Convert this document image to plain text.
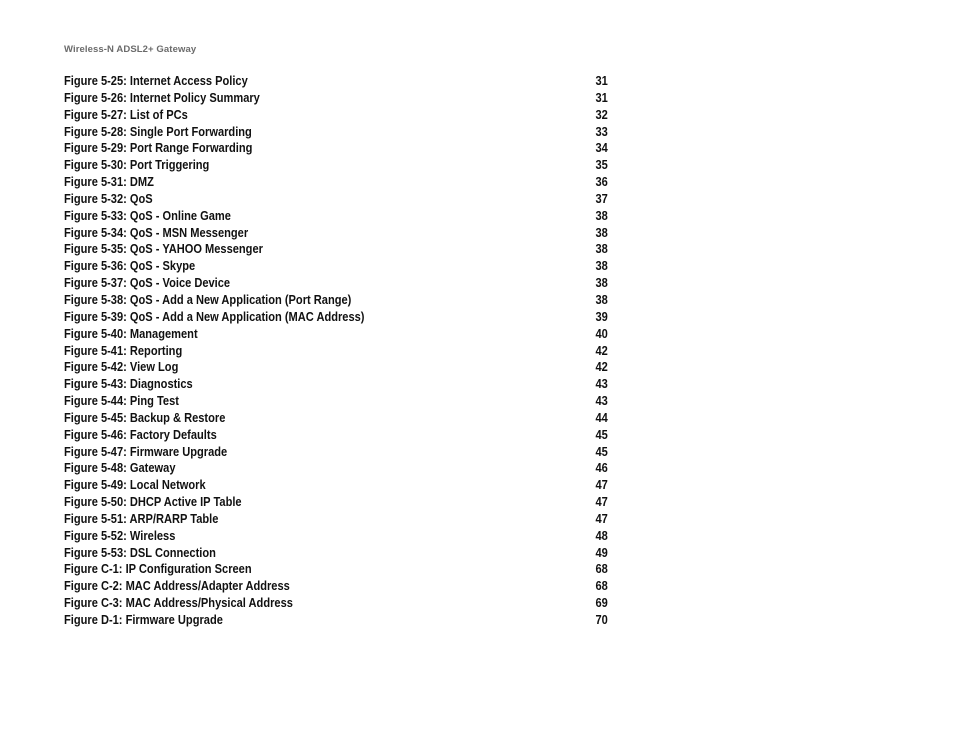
Wireless-N ADSL2+ Gateway
Figure 5-25: Internet Access Policy	31
Figure 5-26: Internet Policy Summary	31
Figure 5-27: List of PCs	32
Figure 5-28: Single Port Forwarding	33
Figure 5-29: Port Range Forwarding	34
Figure 5-30: Port Triggering	35
Figure 5-31: DMZ	36
Figure 5-32: QoS	37
Figure 5-33: QoS - Online Game	38
Figure 5-34: QoS - MSN Messenger	38
Figure 5-35: QoS - YAHOO Messenger	38
Figure 5-36: QoS - Skype	38
Figure 5-37: QoS - Voice Device	38
Figure 5-38: QoS - Add a New Application (Port Range)	38
Figure 5-39: QoS - Add a New Application (MAC Address)	39
Figure 5-40: Management	40
Figure 5-41: Reporting	42
Figure 5-42: View Log	42
Figure 5-43: Diagnostics	43
Figure 5-44: Ping Test	43
Figure 5-45: Backup & Restore	44
Figure 5-46: Factory Defaults	45
Figure 5-47: Firmware Upgrade	45
Figure 5-48: Gateway	46
Figure 5-49: Local Network	47
Figure 5-50: DHCP Active IP Table	47
Figure 5-51: ARP/RARP Table	47
Figure 5-52: Wireless	48
Figure 5-53: DSL Connection	49
Figure C-1: IP Configuration Screen	68
Figure C-2: MAC Address/Adapter Address	68
Figure C-3: MAC Address/Physical Address	69
Figure D-1: Firmware Upgrade	70
